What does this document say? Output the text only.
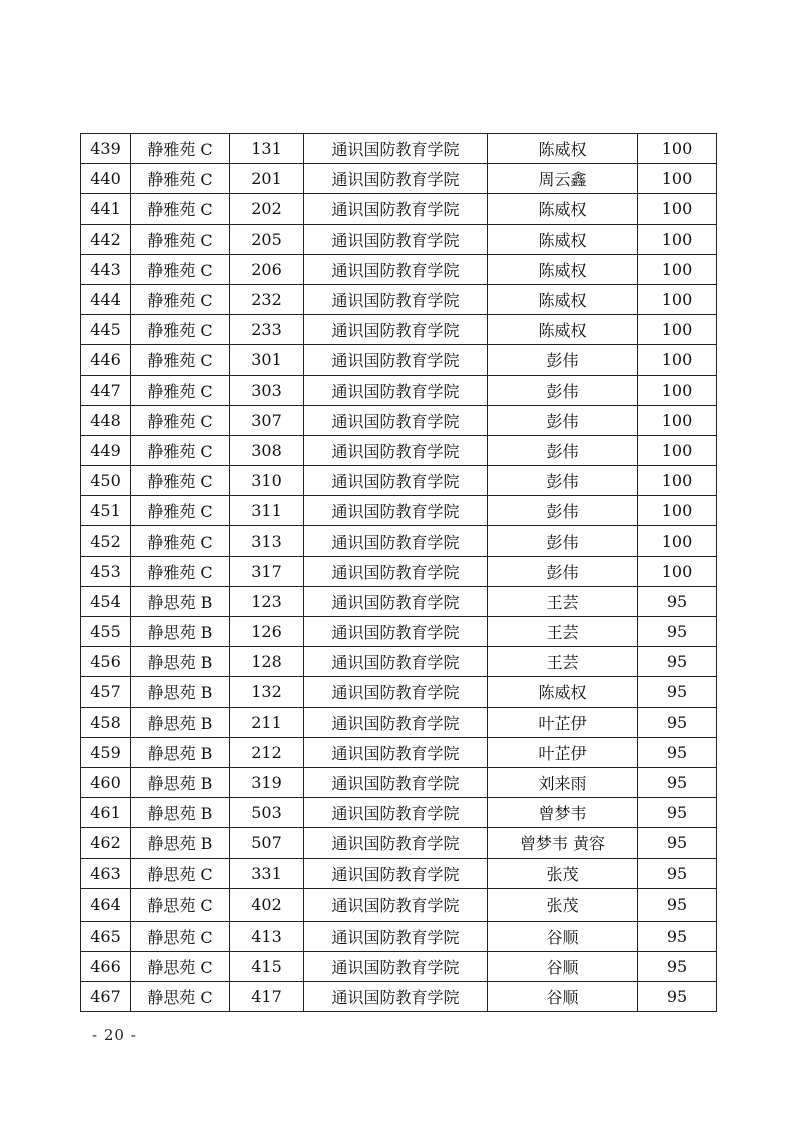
439	静雅苑 C	131	通识国防教育学院	陈威权	100
440	静雅苑 C	201	通识国防教育学院	周云鑫	100
441	静雅苑 C	202	通识国防教育学院	陈威权	100
442	静雅苑 C	205	通识国防教育学院	陈威权	100
443	静雅苑 C	206	通识国防教育学院	陈威权	100
444	静雅苑 C	232	通识国防教育学院	陈威权	100
445	静雅苑 C	233	通识国防教育学院	陈威权	100
446	静雅苑 C	301	通识国防教育学院	彭伟	100
447	静雅苑 C	303	通识国防教育学院	彭伟	100
448	静雅苑 C	307	通识国防教育学院	彭伟	100
449	静雅苑 C	308	通识国防教育学院	彭伟	100
450	静雅苑 C	310	通识国防教育学院	彭伟	100
451	静雅苑 C	311	通识国防教育学院	彭伟	100
452	静雅苑 C	313	通识国防教育学院	彭伟	100
453	静雅苑 C	317	通识国防教育学院	彭伟	100
454	静思苑 B	123	通识国防教育学院	王芸	95
455	静思苑 B	126	通识国防教育学院	王芸	95
456	静思苑 B	128	通识国防教育学院	王芸	95
457	静思苑 B	132	通识国防教育学院	陈威权	95
458	静思苑 B	211	通识国防教育学院	叶芷伊	95
459	静思苑 B	212	通识国防教育学院	叶芷伊	95
460	静思苑 B	319	通识国防教育学院	刘来雨	95
461	静思苑 B	503	通识国防教育学院	曾梦韦	95
462	静思苑 B	507	通识国防教育学院	曾梦韦 黄容	95
463	静思苑 C	331	通识国防教育学院	张茂	95
464	静思苑 C	402	通识国防教育学院	张茂	95
465	静思苑 C	413	通识国防教育学院	谷顺	95
466	静思苑 C	415	通识国防教育学院	谷顺	95
467	静思苑 C	417	通识国防教育学院	谷顺	95
- 20 -
